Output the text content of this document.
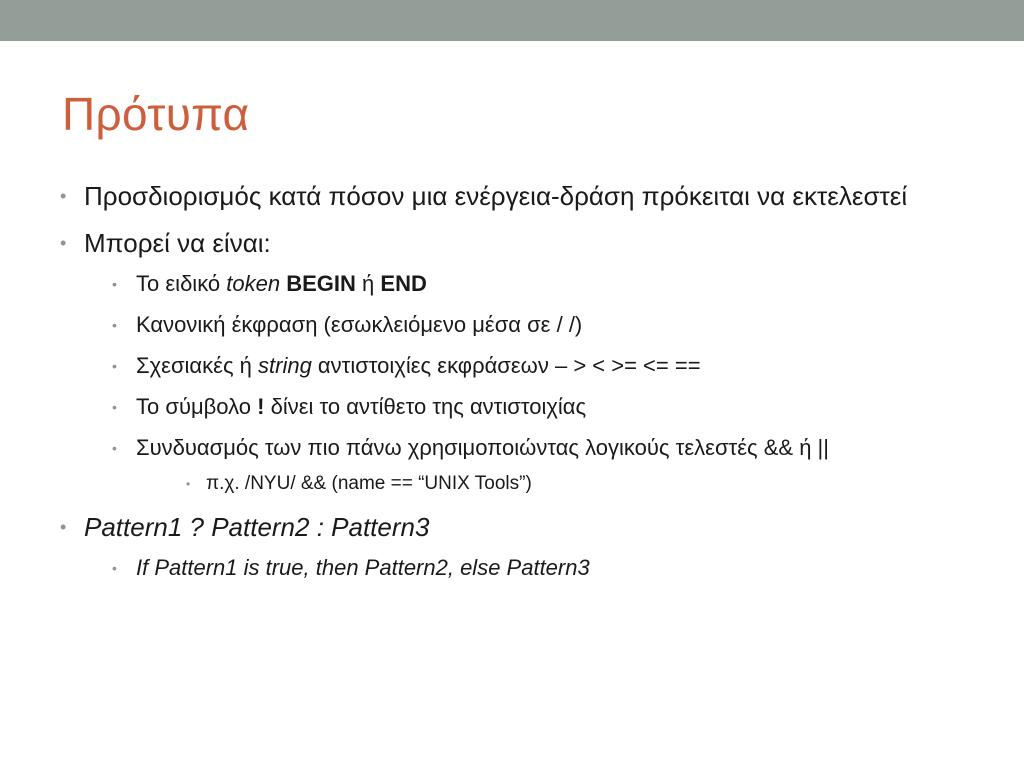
Πρότυπα
• Προσδιορισμός κατά πόσον μια ενέργεια-δράση πρόκειται να εκτελεστεί
• Μπορεί να είναι:
• Το ειδικό token BEGIN ή END
• Κανονική έκφραση (εσωκλειόμενο μέσα σε / /)
• Σχεσιακές ή string αντιστοιχίες εκφράσεων – > < >= <= ==
• Το σύμβολο ! δίνει το αντίθετο της αντιστοιχίας
• Συνδυασμός των πιο πάνω χρησιμοποιώντας λογικούς τελεστές && ή ||
• π.χ. /NYU/ && (name == “UNIX Tools”)
• Pattern1 ? Pattern2 : Pattern3
• If Pattern1 is true, then Pattern2, else Pattern3
